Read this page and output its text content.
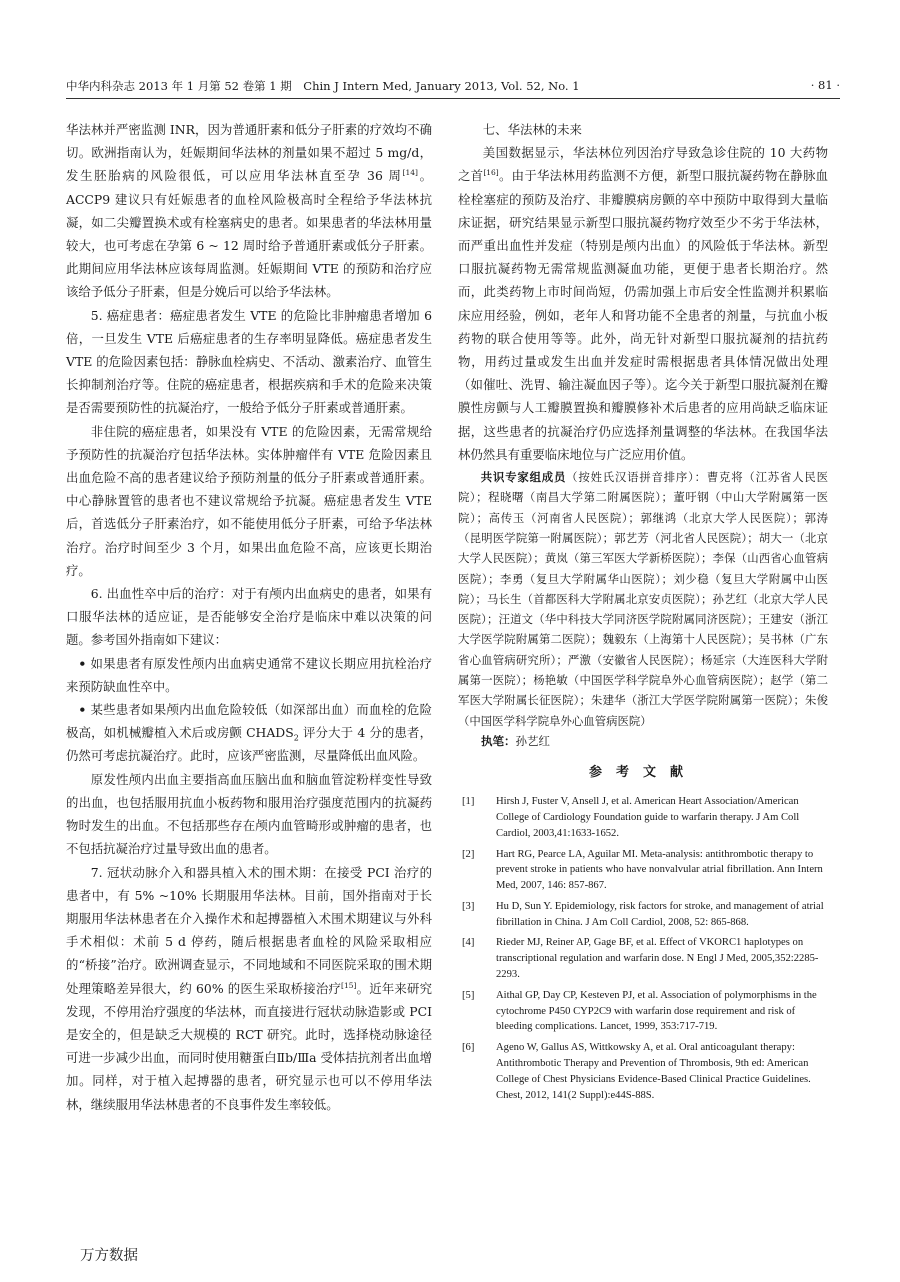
中华内科杂志 2013 年 1 月第 52 卷第 1 期　Chin J Intern Med, January 2013, Vol. 52, No. 1	· 81 ·

华法林并严密监测 INR，因为普通肝素和低分子肝素的疗效均不确切。欧洲指南认为，妊娠期间华法林的剂量如果不超过 5 mg/d，发生胚胎病的风险很低，可以应用华法林直至孕 36 周[14]。ACCP9 建议只有妊娠患者的血栓风险极高时全程给予华法林抗凝，如二尖瓣置换术或有栓塞病史的患者。如果患者的华法林用量较大，也可考虑在孕第 6 ~ 12 周时给予普通肝素或低分子肝素。此期间应用华法林应该每周监测。妊娠期间 VTE 的预防和治疗应该给予低分子肝素，但是分娩后可以给予华法林。

5. 癌症患者：癌症患者发生 VTE 的危险比非肿瘤患者增加 6 倍，一旦发生 VTE 后癌症患者的生存率明显降低。癌症患者发生 VTE 的危险因素包括：静脉血栓病史、不活动、激素治疗、血管生长抑制剂治疗等。住院的癌症患者，根据疾病和手术的危险来决策是否需要预防性的抗凝治疗，一般给予低分子肝素或普通肝素。

非住院的癌症患者，如果没有 VTE 的危险因素，无需常规给予预防性的抗凝治疗包括华法林。实体肿瘤伴有 VTE 危险因素且出血危险不高的患者建议给予预防剂量的低分子肝素或普通肝素。中心静脉置管的患者也不建议常规给予抗凝。癌症患者发生 VTE 后，首选低分子肝素治疗，如不能使用低分子肝素，可给予华法林治疗。治疗时间至少 3 个月，如果出血危险不高，应该更长期治疗。

6. 出血性卒中后的治疗：对于有颅内出血病史的患者，如果有口服华法林的适应证，是否能够安全治疗是临床中难以决策的问题。参考国外指南如下建议：

• 如果患者有原发性颅内出血病史通常不建议长期应用抗栓治疗来预防缺血性卒中。

• 某些患者如果颅内出血危险较低（如深部出血）而血栓的危险极高，如机械瓣植入术后或房颤 $CHADS_2$ 评分大于 4 分的患者，仍然可考虑抗凝治疗。此时，应该严密监测，尽量降低出血风险。

原发性颅内出血主要指高血压脑出血和脑血管淀粉样变性导致的出血，也包括服用抗血小板药物和服用治疗强度范围内的抗凝药物时发生的出血。不包括那些存在颅内血管畸形或肿瘤的患者，也不包括抗凝治疗过量导致出血的患者。

7. 冠状动脉介入和器具植入术的围术期：在接受 PCI 治疗的患者中，有 5% ~10% 长期服用华法林。目前，国外指南对于长期服用华法林患者在介入操作术和起搏器植入术围术期建议与外科手术相似：术前 5 d 停药，随后根据患者血栓的风险采取相应的“桥接”治疗。欧洲调查显示，不同地域和不同医院采取的围术期处理策略差异很大，约 60% 的医生采取桥接治疗[15]。近年来研究发现，不停用治疗强度的华法林，而直接进行冠状动脉造影或 PCI 是安全的，但是缺乏大规模的 RCT 研究。此时，选择桡动脉途径可进一步减少出血，而同时使用糖蛋白Ⅱb/Ⅲa 受体拮抗剂者出血增加。同样，对于植入起搏器的患者，研究显示也可以不停用华法林，继续服用华法林患者的不良事件发生率较低。

七、华法林的未来

美国数据显示，华法林位列因治疗导致急诊住院的 10 大药物之首[16]。由于华法林用药监测不方便，新型口服抗凝药物在静脉血栓栓塞症的预防及治疗、非瓣膜病房颤的卒中预防中取得到大量临床证据，研究结果显示新型口服抗凝药物疗效至少不劣于华法林，而严重出血性并发症（特别是颅内出血）的风险低于华法林。新型口服抗凝药物无需常规监测凝血功能，更便于患者长期治疗。然而，此类药物上市时间尚短，仍需加强上市后安全性监测并积累临床应用经验，例如，老年人和肾功能不全患者的剂量，与抗血小板药物的联合使用等等。此外，尚无针对新型口服抗凝剂的拮抗药物，用药过量或发生出血并发症时需根据患者具体情况做出处理（如催吐、洗胃、输注凝血因子等）。迄今关于新型口服抗凝剂在瓣膜性房颤与人工瓣膜置换和瓣膜修补术后患者的应用尚缺乏临床证据，这些患者的抗凝治疗仍应选择剂量调整的华法林。在我国华法林仍然具有重要临床地位与广泛应用价值。

共识专家组成员（按姓氏汉语拼音排序）：曹克将（江苏省人民医院）；程晓曙（南昌大学第二附属医院）；董吁钢（中山大学附属第一医院）；高传玉（河南省人民医院）；郭继鸿（北京大学人民医院）；郭涛（昆明医学院第一附属医院）；郭艺芳（河北省人民医院）；胡大一（北京大学人民医院）；黄岚（第三军医大学新桥医院）；李保（山西省心血管病医院）；李勇（复旦大学附属华山医院）；刘少稳（复旦大学附属中山医院）；马长生（首都医科大学附属北京安贞医院）；孙艺红（北京大学人民医院）；汪道文（华中科技大学同济医学院附属同济医院）；王建安（浙江大学医学院附属第二医院）；魏毅东（上海第十人民医院）；吴书林（广东省心血管病研究所）；严激（安徽省人民医院）；杨延宗（大连医科大学附属第一医院）；杨艳敏（中国医学科学院阜外心血管病医院）；赵学（第二军医大学附属长征医院）；朱建华（浙江大学医学院附属第一医院）；朱俊（中国医学科学院阜外心血管病医院）

执笔：孙艺红

参考文献
[1]	Hirsh J, Fuster V, Ansell J, et al. American Heart Association/American College of Cardiology Foundation guide to warfarin therapy. J Am Coll Cardiol, 2003,41:1633-1652.
[2]	Hart RG, Pearce LA, Aguilar MI. Meta-analysis: antithrombotic therapy to prevent stroke in patients who have nonvalvular atrial fibrillation. Ann Intern Med, 2007, 146: 857-867.
[3]	Hu D, Sun Y. Epidemiology, risk factors for stroke, and management of atrial fibrillation in China. J Am Coll Cardiol, 2008, 52: 865-868.
[4]	Rieder MJ, Reiner AP, Gage BF, et al. Effect of VKORC1 haplotypes on transcriptional regulation and warfarin dose. N Engl J Med, 2005,352:2285-2293.
[5]	Aithal GP, Day CP, Kesteven PJ, et al. Association of polymorphisms in the cytochrome P450 CYP2C9 with warfarin dose requirement and risk of bleeding complications. Lancet, 1999, 353:717-719.
[6]	Ageno W, Gallus AS, Wittkowsky A, et al. Oral anticoagulant therapy: Antithrombotic Therapy and Prevention of Thrombosis, 9th ed: American College of Chest Physicians Evidence-Based Clinical Practice Guidelines. Chest, 2012, 141(2 Suppl):e44S-88S.
万方数据
